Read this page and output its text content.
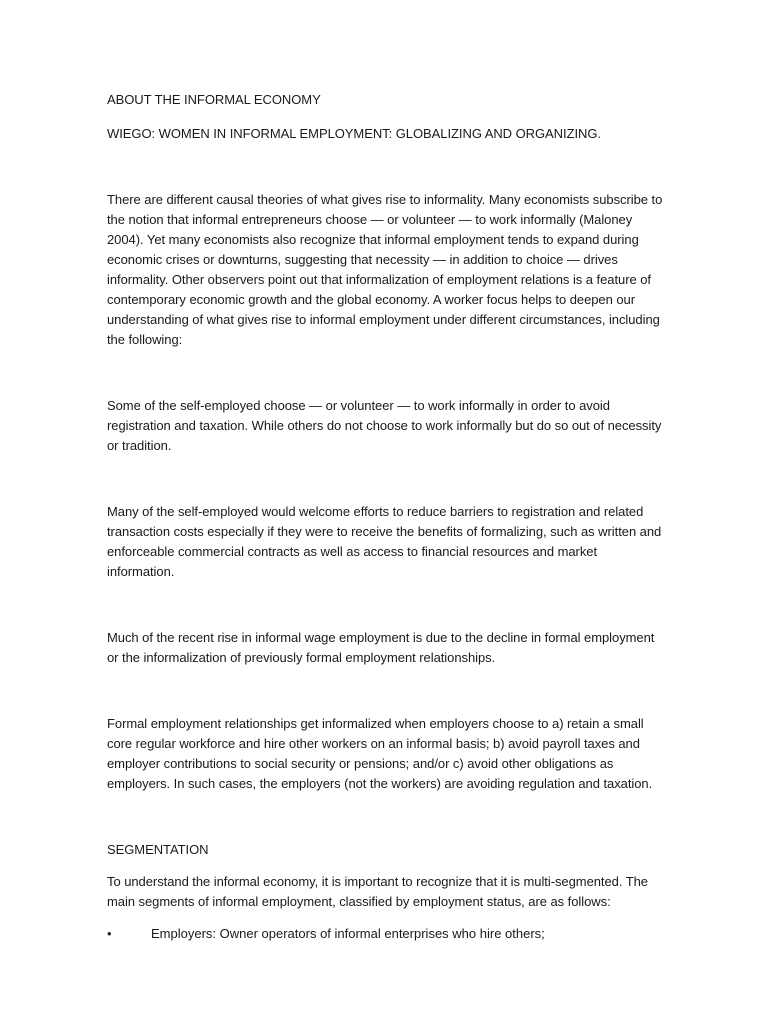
ABOUT THE INFORMAL ECONOMY

WIEGO: WOMEN IN INFORMAL EMPLOYMENT: GLOBALIZING AND ORGANIZING.

There are different causal theories of what gives rise to informality. Many economists subscribe to the notion that informal entrepreneurs choose — or volunteer — to work informally (Maloney 2004). Yet many economists also recognize that informal employment tends to expand during economic crises or downturns, suggesting that necessity — in addition to choice — drives informality. Other observers point out that informalization of employment relations is a feature of contemporary economic growth and the global economy. A worker focus helps to deepen our understanding of what gives rise to informal employment under different circumstances, including the following:

Some of the self-employed choose — or volunteer — to work informally in order to avoid registration and taxation. While others do not choose to work informally but do so out of necessity or tradition.

Many of the self-employed would welcome efforts to reduce barriers to registration and related transaction costs especially if they were to receive the benefits of formalizing, such as written and enforceable commercial contracts as well as access to financial resources and market information.

Much of the recent rise in informal wage employment is due to the decline in formal employment or the informalization of previously formal employment relationships.

Formal employment relationships get informalized when employers choose to a) retain a small core regular workforce and hire other workers on an informal basis; b) avoid payroll taxes and employer contributions to social security or pensions; and/or c) avoid other obligations as employers. In such cases, the employers (not the workers) are avoiding regulation and taxation.

SEGMENTATION

To understand the informal economy, it is important to recognize that it is multi-segmented. The main segments of informal employment, classified by employment status, are as follows:

•	Employers: Owner operators of informal enterprises who hire others;
